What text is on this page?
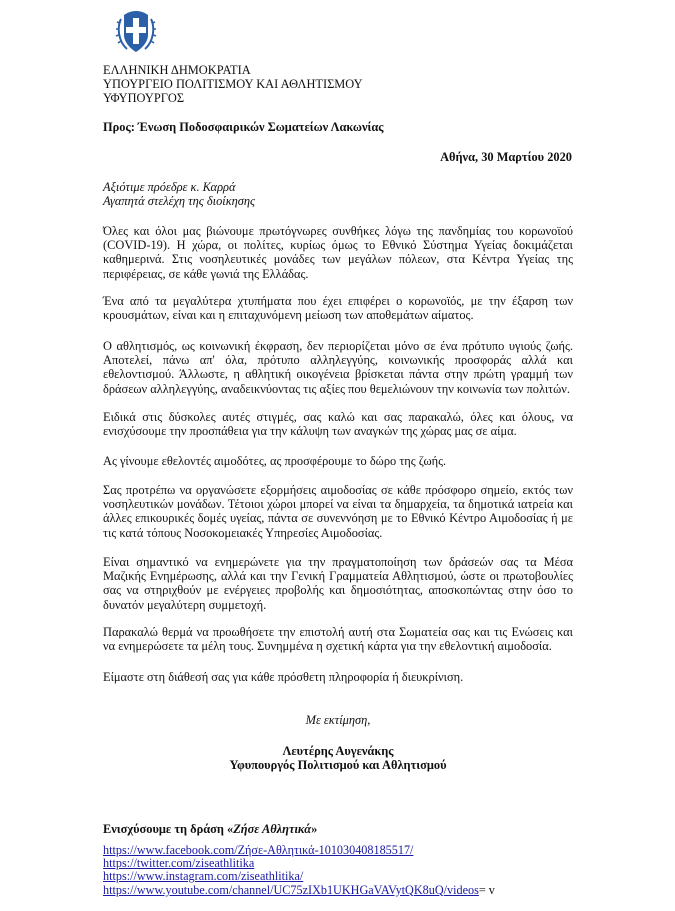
ΕΛΛΗΝΙΚΗ ΔΗΜΟΚΡΑΤΙΑ
ΥΠΟΥΡΓΕΙΟ ΠΟΛΙΤΙΣΜΟΥ ΚΑΙ ΑΘΛΗΤΙΣΜΟΥ
ΥΦΥΠΟΥΡΓΟΣ
Προς: Ένωση Ποδοσφαιρικών Σωματείων Λακωνίας
Αθήνα, 30 Μαρτίου 2020
Αξιότιμε πρόεδρε κ. Καρρά
Αγαπητά στελέχη της διοίκησης

Όλες και όλοι μας βιώνουμε πρωτόγνωρες συνθήκες λόγω της πανδημίας του κορωνοϊού (COVID-19). Η χώρα, οι πολίτες, κυρίως όμως το Εθνικό Σύστημα Υγείας δοκιμάζεται καθημερινά. Στις νοσηλευτικές μονάδες των μεγάλων πόλεων, στα Κέντρα Υγείας της περιφέρειας, σε κάθε γωνιά της Ελλάδας.

Ένα από τα μεγαλύτερα χτυπήματα που έχει επιφέρει ο κορωνοϊός, με την έξαρση των κρουσμάτων, είναι και η επιταχυνόμενη μείωση των αποθεμάτων αίματος.

Ο αθλητισμός, ως κοινωνική έκφραση, δεν περιορίζεται μόνο σε ένα πρότυπο υγιούς ζωής. Αποτελεί, πάνω απ' όλα, πρότυπο αλληλεγγύης, κοινωνικής προσφοράς αλλά και εθελοντισμού. Άλλωστε, η αθλητική οικογένεια βρίσκεται πάντα στην πρώτη γραμμή των δράσεων αλληλεγγύης, αναδεικνύοντας τις αξίες που θεμελιώνουν την κοινωνία των πολιτών.

Ειδικά στις δύσκολες αυτές στιγμές, σας καλώ και σας παρακαλώ, όλες και όλους, να ενισχύσουμε την προσπάθεια για την κάλυψη των αναγκών της χώρας μας σε αίμα.

Ας γίνουμε εθελοντές αιμοδότες, ας προσφέρουμε το δώρο της ζωής.

Σας προτρέπω να οργανώσετε εξορμήσεις αιμοδοσίας σε κάθε πρόσφορο σημείο, εκτός των νοσηλευτικών μονάδων. Τέτοιοι χώροι μπορεί να είναι τα δημαρχεία, τα δημοτικά ιατρεία και άλλες επικουρικές δομές υγείας, πάντα σε συνεννόηση με το Εθνικό Κέντρο Αιμοδοσίας ή με τις κατά τόπους Νοσοκομειακές Υπηρεσίες Αιμοδοσίας.

Είναι σημαντικό να ενημερώνετε για την πραγματοποίηση των δράσεών σας τα Μέσα Μαζικής Ενημέρωσης, αλλά και την Γενική Γραμματεία Αθλητισμού, ώστε οι πρωτοβουλίες σας να στηριχθούν με ενέργειες προβολής και δημοσιότητας, αποσκοπώντας στην όσο το δυνατόν μεγαλύτερη συμμετοχή.

Παρακαλώ θερμά να προωθήσετε την επιστολή αυτή στα Σωματεία σας και τις Ενώσεις και να ενημερώσετε τα μέλη τους. Συνημμένα η σχετική κάρτα για την εθελοντική αιμοδοσία.

Είμαστε στη διάθεσή σας για κάθε πρόσθετη πληροφορία ή διευκρίνιση.

Με εκτίμηση,
Λευτέρης Αυγενάκης
Υφυπουργός Πολιτισμού και Αθλητισμού
Ενισχύσουμε τη δράση «Ζήσε Αθλητικά»
https://www.facebook.com/Ζήσε-Αθλητικά-101030408185517/
https://twitter.com/ziseathlitika
https://www.instagram.com/ziseathlitika/
https://www.youtube.com/channel/UC75zIXb1UKHGaVAVytQK8uQ/videos= v
